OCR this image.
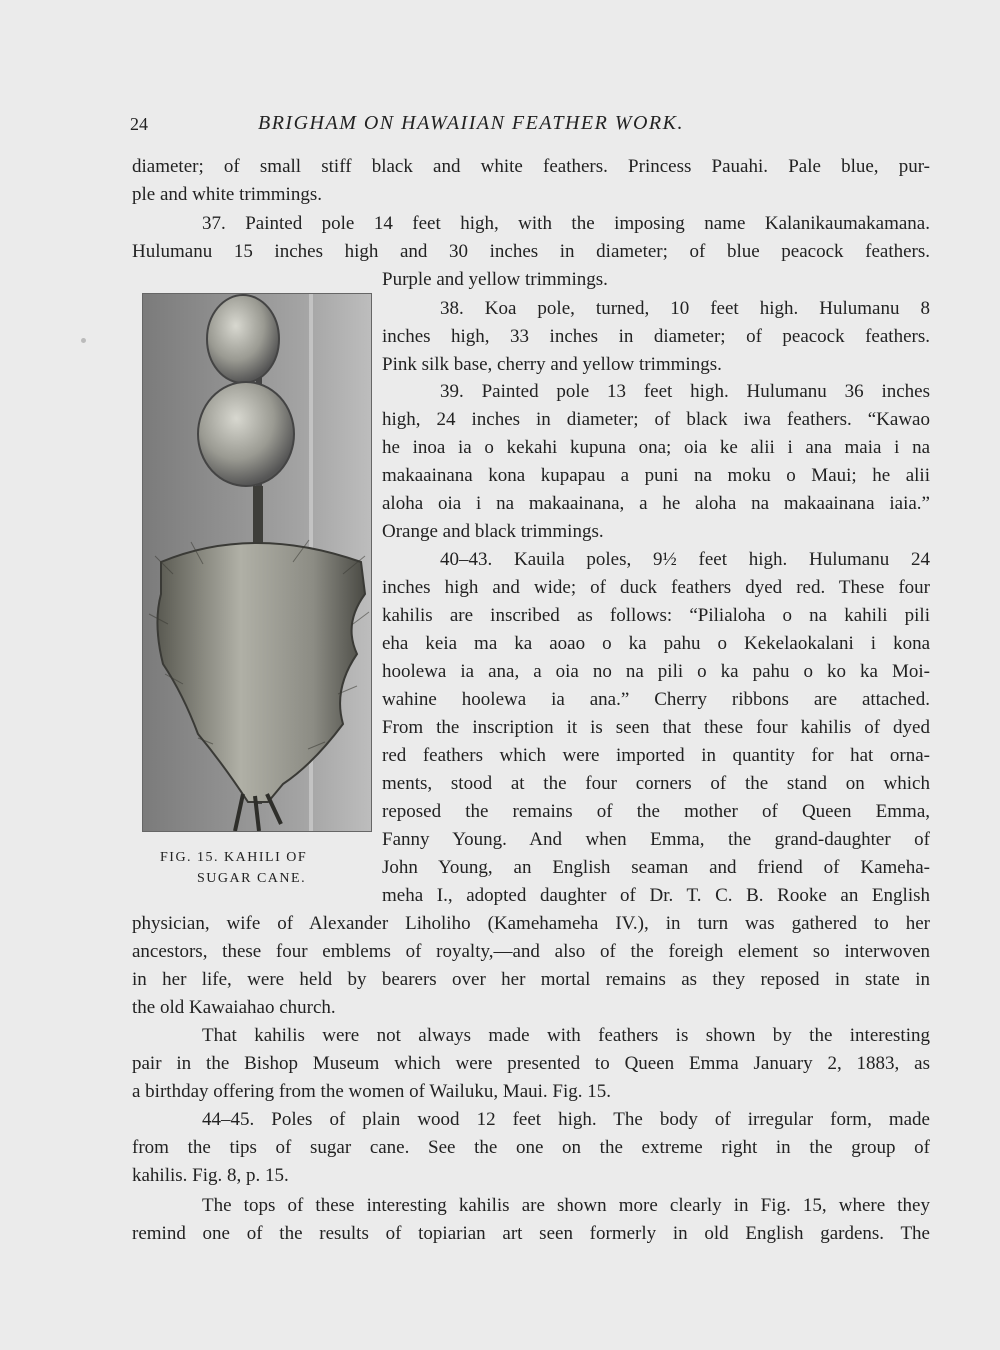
24	BRIGHAM ON HAWAIIAN FEATHER WORK.
FIG. 15. KAHILI OF
SUGAR CANE.
diameter; of small stiff black and white feathers. Princess Pauahi. Pale blue, pur-
ple and white trimmings.
37. Painted pole 14 feet high, with the imposing name Kalanikaumakamana.
Hulumanu 15 inches high and 30 inches in diameter; of blue peacock feathers.
Purple and yellow trimmings.
38. Koa pole, turned, 10 feet high. Hulumanu 8
inches high, 33 inches in diameter; of peacock feathers.
Pink silk base, cherry and yellow trimmings.
39. Painted pole 13 feet high. Hulumanu 36 inches
high, 24 inches in diameter; of black iwa feathers. “Kawao
he inoa ia o kekahi kupuna ona; oia ke alii i ana maia i na
makaainana kona kupapau a puni na moku o Maui; he alii
aloha oia i na makaainana, a he aloha na makaainana iaia.”
Orange and black trimmings.
40–43. Kauila poles, 9½ feet high. Hulumanu 24
inches high and wide; of duck feathers dyed red. These four
kahilis are inscribed as follows: “Pilialoha o na kahili pili
eha keia ma ka aoao o ka pahu o Kekelaokalani i kona
hoolewa ia ana, a oia no na pili o ka pahu o ko ka Moi-
wahine hoolewa ia ana.” Cherry ribbons are attached.
From the inscription it is seen that these four kahilis of dyed
red feathers which were imported in quantity for hat orna-
ments, stood at the four corners of the stand on which
reposed the remains of the mother of Queen Emma,
Fanny Young. And when Emma, the grand-daughter of
John Young, an English seaman and friend of Kameha-
meha I., adopted daughter of Dr. T. C. B. Rooke an English
physician, wife of Alexander Liholiho (Kamehameha IV.), in turn was gathered to her
ancestors, these four emblems of royalty,—and also of the foreigh element so interwoven
in her life, were held by bearers over her mortal remains as they reposed in state in
the old Kawaiahao church.
That kahilis were not always made with feathers is shown by the interesting
pair in the Bishop Museum which were presented to Queen Emma January 2, 1883, as
a birthday offering from the women of Wailuku, Maui. Fig. 15.
44–45. Poles of plain wood 12 feet high. The body of irregular form, made
from the tips of sugar cane. See the one on the extreme right in the group of
kahilis. Fig. 8, p. 15.
The tops of these interesting kahilis are shown more clearly in Fig. 15, where they
remind one of the results of topiarian art seen formerly in old English gardens. The
